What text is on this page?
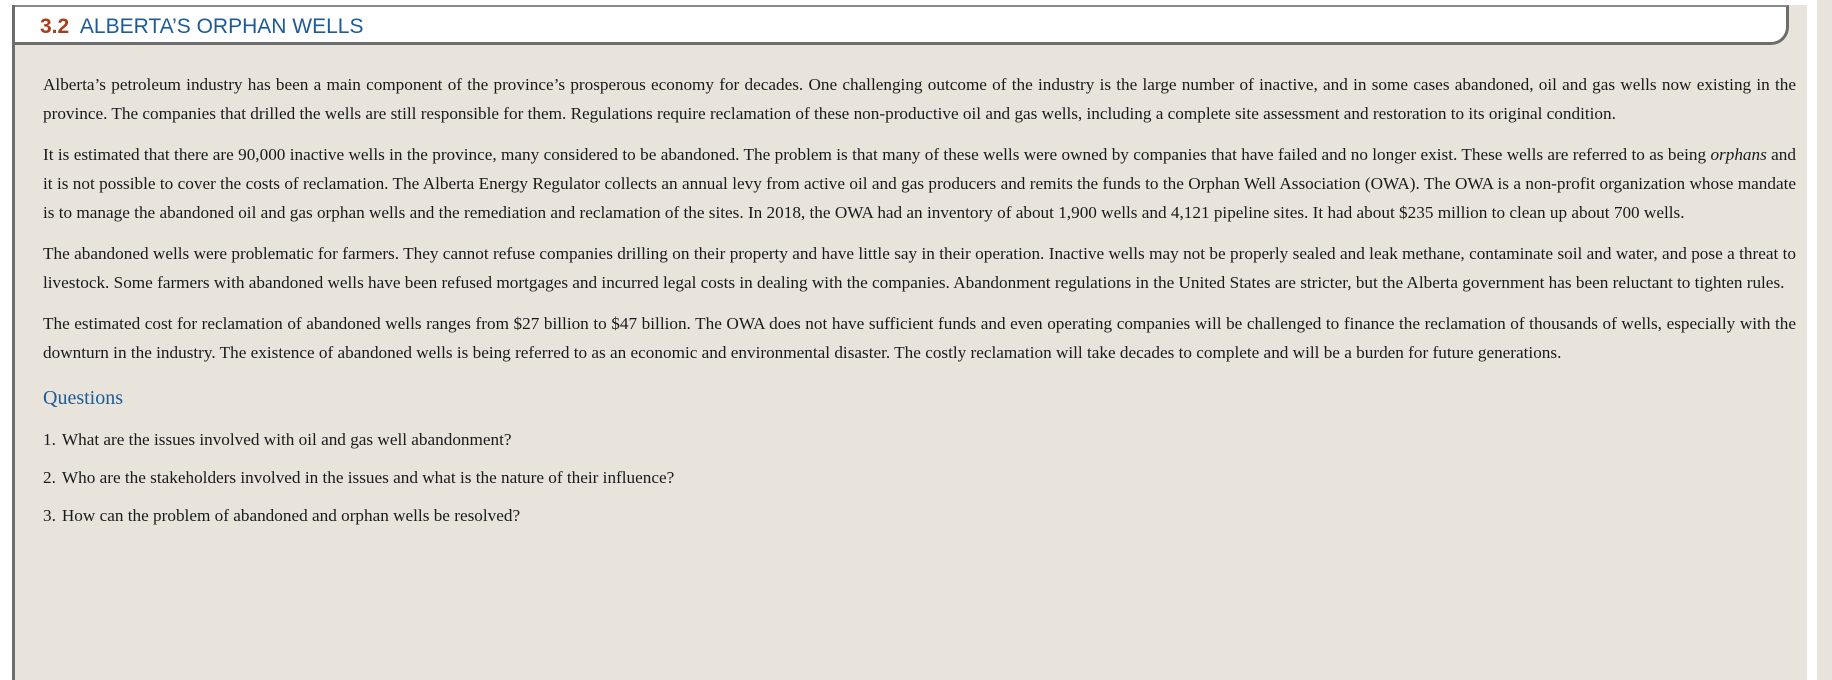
3.2 ALBERTA’S ORPHAN WELLS

Alberta’s petroleum industry has been a main component of the province’s prosperous economy for decades. One challenging outcome of the industry is the large number of inactive, and in some cases abandoned, oil and gas wells now existing in the province. The companies that drilled the wells are still responsible for them. Regulations require reclamation of these non-productive oil and gas wells, including a complete site assessment and restoration to its original condition.

It is estimated that there are 90,000 inactive wells in the province, many considered to be abandoned. The problem is that many of these wells were owned by companies that have failed and no longer exist. These wells are referred to as being orphans and it is not possible to cover the costs of reclamation. The Alberta Energy Regulator collects an annual levy from active oil and gas producers and remits the funds to the Orphan Well Association (OWA). The OWA is a non-profit organization whose mandate is to manage the abandoned oil and gas orphan wells and the remediation and reclamation of the sites. In 2018, the OWA had an inventory of about 1,900 wells and 4,121 pipeline sites. It had about $235 million to clean up about 700 wells.

The abandoned wells were problematic for farmers. They cannot refuse companies drilling on their property and have little say in their operation. Inactive wells may not be properly sealed and leak methane, contaminate soil and water, and pose a threat to livestock. Some farmers with abandoned wells have been refused mortgages and incurred legal costs in dealing with the companies. Abandonment regulations in the United States are stricter, but the Alberta government has been reluctant to tighten rules.

The estimated cost for reclamation of abandoned wells ranges from $27 billion to $47 billion. The OWA does not have sufficient funds and even operating companies will be challenged to finance the reclamation of thousands of wells, especially with the downturn in the industry. The existence of abandoned wells is being referred to as an economic and environmental disaster. The costly reclamation will take decades to complete and will be a burden for future generations.

Questions
1. What are the issues involved with oil and gas well abandonment?
2. Who are the stakeholders involved in the issues and what is the nature of their influence?
3. How can the problem of abandoned and orphan wells be resolved?
